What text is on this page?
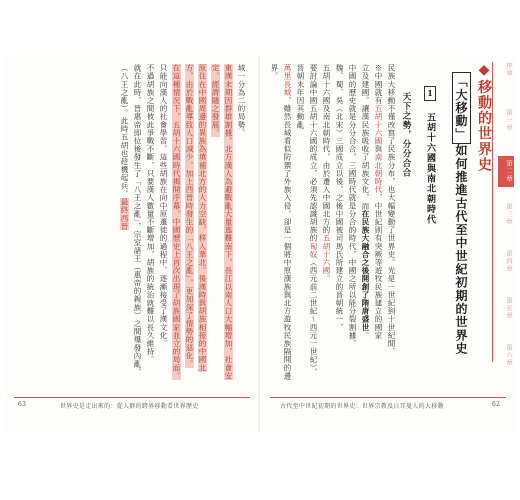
域一分為二的局勢。

東漢末期因群雄割據，北方漢人為避戰亂大量逃難南下，長江以南人口大幅增加，社會安定，經濟隨之發展。

原住在中國周邊的異族為填補北方的人力空缺，移入華北。後漢時與胡族相接的中國北方，由於戰亂導致人口減少，加上西晉時發生的「八王之亂」，更加深了情勢的惡化。

在這種情況下，五胡十六國時代揭開序幕，中國歷史上首次出現了胡族國家並立的局面。

只能向漢人的社會學習，這些胡族在向中原遷徙的過程中，逐漸接受了漢文化。

不過胡族之間彼此爭戰不斷，只要漢人數量不斷增加，胡族的統治就難以長久維持。

就在此時，晉惠帝即位後發生了「八王之亂」，宗室諸王（惠帝的親族）之間爆發內亂，

（八王之亂）。此時五胡也趁機起兵，最終西晉

63	世界史是走出來的：從人群的跨界移動看世界歷史

民族大移動不僅改寫了民族分布，也大幅變動了世界史。光是一世紀到十世紀間，

※中國就有五胡十六國與南北朝時代，中世紀則有突厥等遊牧民族建立的國家

立及建國。讓漢民族吸收了胡族文化，而在民族大融合之後開創了隋唐盛世。

中國的歷史就是分分合合，三國時代就是分合的時代，中國之所以能分裂割據。

魏、蜀、吳（北宋）三國成立以後，之後中國被司馬氏所建立的晉朝統一，

五胡十六國及南北朝時代，由於遷入中國北方的五胡十六國。

要討論中國五胡十六國的成立，必須先認識胡族的匈奴（西元前二世紀～西元一世紀），晉朝末年因其動亂

萬里長城，雖然長城看似防禦了外族入侵，卻是一個將中原漢族與北方遊牧民族隔開的邊界。

天下之勢，分分合合 1 五胡十六國與南北朝時代
「大移動」如何推進古代至中世紀初期的世界史
◆移動的世界史	序章
第一章
第二章
第三章
第四章
第五章
第六章
古代至中世紀初期的世界史：世界宗教及日耳曼人的大移動	62
